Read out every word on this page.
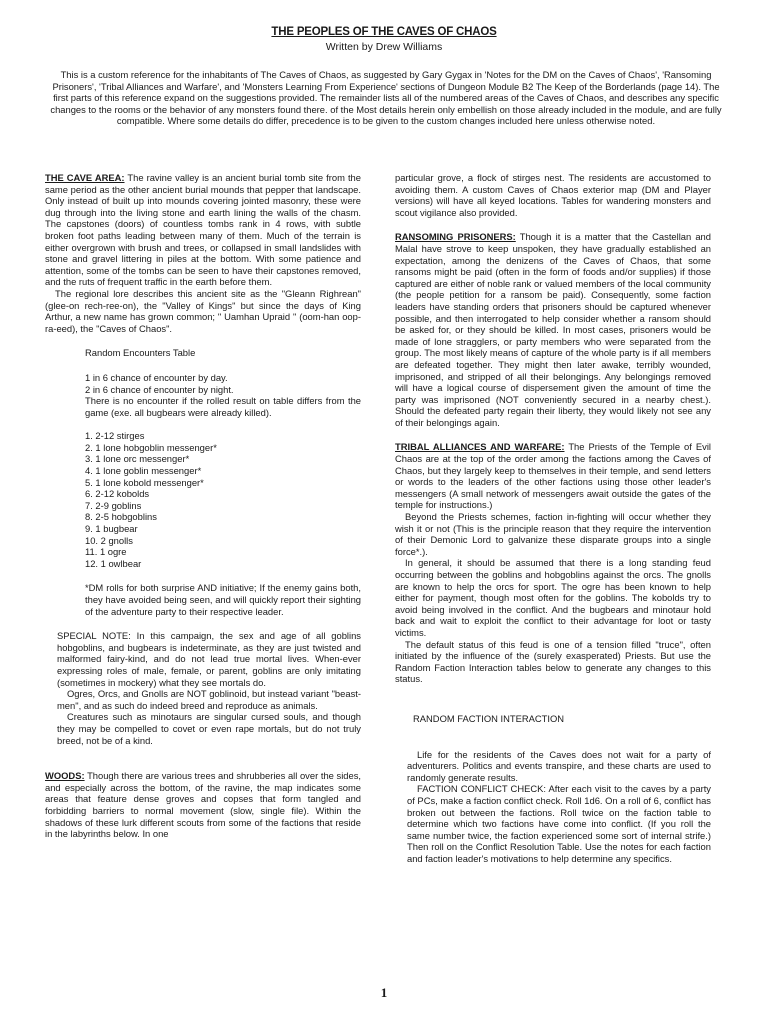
THE PEOPLES OF THE CAVES OF CHAOS
Written by Drew Williams
This is a custom reference for the inhabitants of The Caves of Chaos, as suggested by Gary Gygax in 'Notes for the DM on the Caves of Chaos', 'Ransoming Prisoners', 'Tribal Alliances and Warfare', and 'Monsters Learning From Experience' sections of Dungeon Module B2 The Keep of the Borderlands (page 14). The first parts of this reference expand on the suggestions provided. The remainder lists all of the numbered areas of the Caves of Chaos, and describes any specific changes to the rooms or the behavior of any monsters found there. of the Most details herein only embellish on those already included in the module, and are fully compatible. Where some details do differ, precedence is to be given to the custom changes included here unless otherwise noted.

THE CAVE AREA: The ravine valley is an ancient burial tomb site from the same period as the other ancient burial mounds that pepper that landscape. Only instead of built up into mounds covering jointed masonry, these were dug through into the living stone and earth lining the walls of the chasm. The capstones (doors) of countless tombs rank in 4 rows, with subtle broken foot paths leading between many of them. Much of the terrain is either overgrown with brush and trees, or collapsed in small landslides with stone and gravel littering in piles at the bottom. With some patience and attention, some of the tombs can be seen to have their capstones removed, and the ruts of frequent traffic in the earth before them.

The regional lore describes this ancient site as the "Gleann Righrean" (glee-on rech-ree-on), the "Valley of Kings" but since the days of King Arthur, a new name has grown common; " Uamhan Upraid " (oom-han oop-ra-eed), the "Caves of Chaos".

Random Encounters Table

1 in 6 chance of encounter by day.

2 in 6 chance of encounter by night.

There is no encounter if the rolled result on table differs from the game (exe. all bugbears were already killed).

1. 2-12 stirges
2. 1 lone hobgoblin messenger*
3. 1 lone orc messenger*
4. 1 lone goblin messenger*
5. 1 lone kobold messenger*
6. 2-12 kobolds
7. 2-9 goblins
8. 2-5 hobgoblins
9. 1 bugbear
10. 2 gnolls
11. 1 ogre
12. 1 owlbear

*DM rolls for both surprise AND initiative; If the enemy gains both, they have avoided being seen, and will quickly report their sighting of the adventure party to their respective leader.

SPECIAL NOTE: In this campaign, the sex and age of all goblins hobgoblins, and bugbears is indeterminate, as they are just twisted and malformed fairy-kind, and do not lead true mortal lives. When-ever expressing roles of male, female, or parent, goblins are only imitating (sometimes in mockery) what they see mortals do.

Ogres, Orcs, and Gnolls are NOT goblinoid, but instead variant "beast-men", and as such do indeed breed and reproduce as animals.

Creatures such as minotaurs are singular cursed souls, and though they may be compelled to covet or even rape mortals, but do not truly breed, not be of a kind.

WOODS: Though there are various trees and shrubberies all over the sides, and especially across the bottom, of the ravine, the map indicates some areas that feature dense groves and copses that form tangled and forbidding barriers to normal movement (slow, single file). Within the shadows of these lurk different scouts from some of the factions that reside in the labyrinths below. In one

particular grove, a flock of stirges nest. The residents are accustomed to avoiding them. A custom Caves of Chaos exterior map (DM and Player versions) will have all keyed locations. Tables for wandering monsters and scout vigilance also provided.

RANSOMING PRISONERS: Though it is a matter that the Castellan and Malal have strove to keep unspoken, they have gradually established an expectation, among the denizens of the Caves of Chaos, that some ransoms might be paid (often in the form of foods and/or supplies) if those captured are either of noble rank or valued members of the local community (the people petition for a ransom be paid). Consequently, some faction leaders have standing orders that prisoners should be captured whenever possible, and then interrogated to help consider whether a ransom should be asked for, or they should be killed. In most cases, prisoners would be made of lone stragglers, or party members who were separated from the group. The most likely means of capture of the whole party is if all members are defeated together. They might then later awake, terribly wounded, imprisoned, and stripped of all their belongings. Any belongings removed will have a logical course of dispersement given the amount of time the party was imprisoned (NOT conveniently secured in a nearby chest.). Should the defeated party regain their liberty, they would likely not see any of their belongings again.

TRIBAL ALLIANCES AND WARFARE: The Priests of the Temple of Evil Chaos are at the top of the order among the factions among the Caves of Chaos, but they largely keep to themselves in their temple, and send letters or words to the leaders of the other factions using those other leader's messengers (A small network of messengers await outside the gates of the temple for instructions.)

Beyond the Priests schemes, faction in-fighting will occur whether they wish it or not (This is the principle reason that they require the intervention of their Demonic Lord to galvanize these disparate groups into a single force*.).

In general, it should be assumed that there is a long standing feud occurring between the goblins and hobgoblins against the orcs. The gnolls are known to help the orcs for sport. The ogre has been known to help either for payment, though most often for the goblins. The kobolds try to avoid being involved in the conflict. And the bugbears and minotaur hold back and wait to exploit the conflict to their advantage for loot or tasty victims.

The default status of this feud is one of a tension filled "truce", often initiated by the influence of the (surely exasperated) Priests. But use the Random Faction Interaction tables below to generate any changes to this status.

RANDOM FACTION INTERACTION

Life for the residents of the Caves does not wait for a party of adventurers. Politics and events transpire, and these charts are used to randomly generate results.

FACTION CONFLICT CHECK: After each visit to the caves by a party of PCs, make a faction conflict check. Roll 1d6. On a roll of 6, conflict has broken out between the factions. Roll twice on the faction table to determine which two factions have come into conflict. (If you roll the same number twice, the faction experienced some sort of internal strife.) Then roll on the Conflict Resolution Table. Use the notes for each faction and faction leader's motivations to help determine any specifics.

1
